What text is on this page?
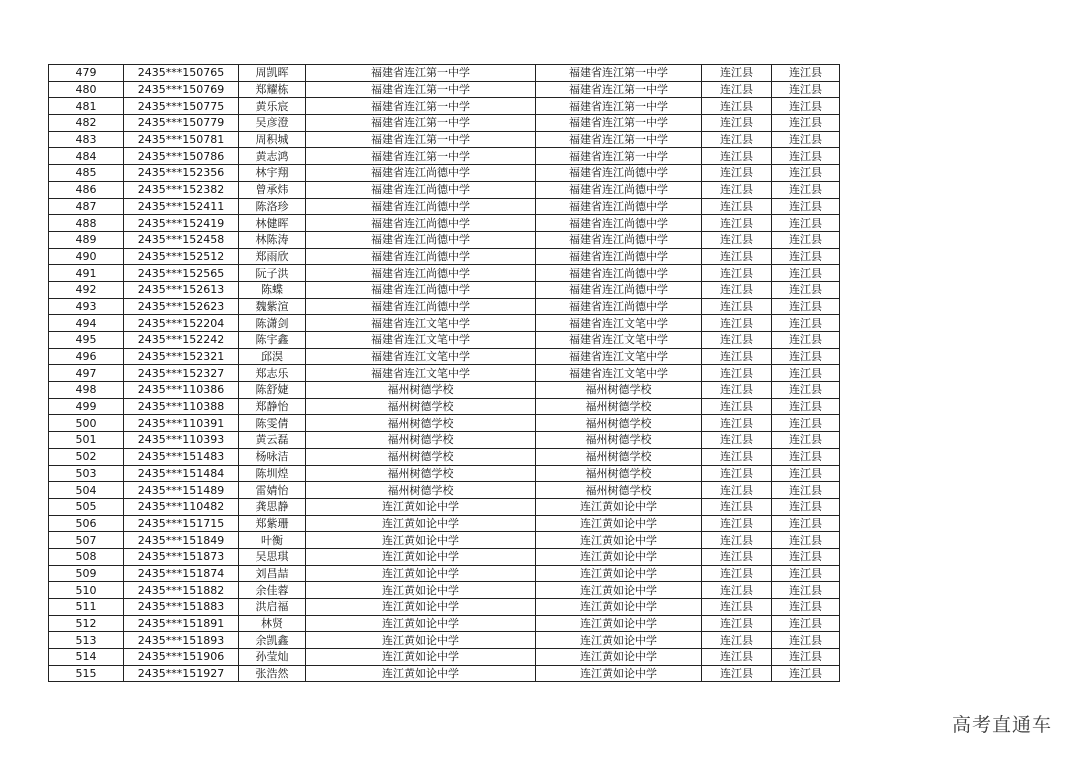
479	2435***150765	周凯晖	福建省连江第一中学	福建省连江第一中学	连江县	连江县
480	2435***150769	郑耀栋	福建省连江第一中学	福建省连江第一中学	连江县	连江县
481	2435***150775	黄乐宸	福建省连江第一中学	福建省连江第一中学	连江县	连江县
482	2435***150779	吴彦澄	福建省连江第一中学	福建省连江第一中学	连江县	连江县
483	2435***150781	周积城	福建省连江第一中学	福建省连江第一中学	连江县	连江县
484	2435***150786	黄志鸿	福建省连江第一中学	福建省连江第一中学	连江县	连江县
485	2435***152356	林宇翔	福建省连江尚德中学	福建省连江尚德中学	连江县	连江县
486	2435***152382	曾承炜	福建省连江尚德中学	福建省连江尚德中学	连江县	连江县
487	2435***152411	陈洛珍	福建省连江尚德中学	福建省连江尚德中学	连江县	连江县
488	2435***152419	林健晖	福建省连江尚德中学	福建省连江尚德中学	连江县	连江县
489	2435***152458	林陈涛	福建省连江尚德中学	福建省连江尚德中学	连江县	连江县
490	2435***152512	郑雨欣	福建省连江尚德中学	福建省连江尚德中学	连江县	连江县
491	2435***152565	阮子洪	福建省连江尚德中学	福建省连江尚德中学	连江县	连江县
492	2435***152613	陈蝶	福建省连江尚德中学	福建省连江尚德中学	连江县	连江县
493	2435***152623	魏紫渲	福建省连江尚德中学	福建省连江尚德中学	连江县	连江县
494	2435***152204	陈潇剑	福建省连江文笔中学	福建省连江文笔中学	连江县	连江县
495	2435***152242	陈宇鑫	福建省连江文笔中学	福建省连江文笔中学	连江县	连江县
496	2435***152321	邱淏	福建省连江文笔中学	福建省连江文笔中学	连江县	连江县
497	2435***152327	郑志乐	福建省连江文笔中学	福建省连江文笔中学	连江县	连江县
498	2435***110386	陈舒婕	福州树德学校	福州树德学校	连江县	连江县
499	2435***110388	郑静怡	福州树德学校	福州树德学校	连江县	连江县
500	2435***110391	陈雯倩	福州树德学校	福州树德学校	连江县	连江县
501	2435***110393	黄云磊	福州树德学校	福州树德学校	连江县	连江县
502	2435***151483	杨咏洁	福州树德学校	福州树德学校	连江县	连江县
503	2435***151484	陈圳煌	福州树德学校	福州树德学校	连江县	连江县
504	2435***151489	雷婧怡	福州树德学校	福州树德学校	连江县	连江县
505	2435***110482	龚思静	连江黄如论中学	连江黄如论中学	连江县	连江县
506	2435***151715	郑紫珊	连江黄如论中学	连江黄如论中学	连江县	连江县
507	2435***151849	叶衡	连江黄如论中学	连江黄如论中学	连江县	连江县
508	2435***151873	吴思琪	连江黄如论中学	连江黄如论中学	连江县	连江县
509	2435***151874	刘昌喆	连江黄如论中学	连江黄如论中学	连江县	连江县
510	2435***151882	余佳蓉	连江黄如论中学	连江黄如论中学	连江县	连江县
511	2435***151883	洪启福	连江黄如论中学	连江黄如论中学	连江县	连江县
512	2435***151891	林贤	连江黄如论中学	连江黄如论中学	连江县	连江县
513	2435***151893	余凯鑫	连江黄如论中学	连江黄如论中学	连江县	连江县
514	2435***151906	孙莹灿	连江黄如论中学	连江黄如论中学	连江县	连江县
515	2435***151927	张浩然	连江黄如论中学	连江黄如论中学	连江县	连江县
高考直通车
